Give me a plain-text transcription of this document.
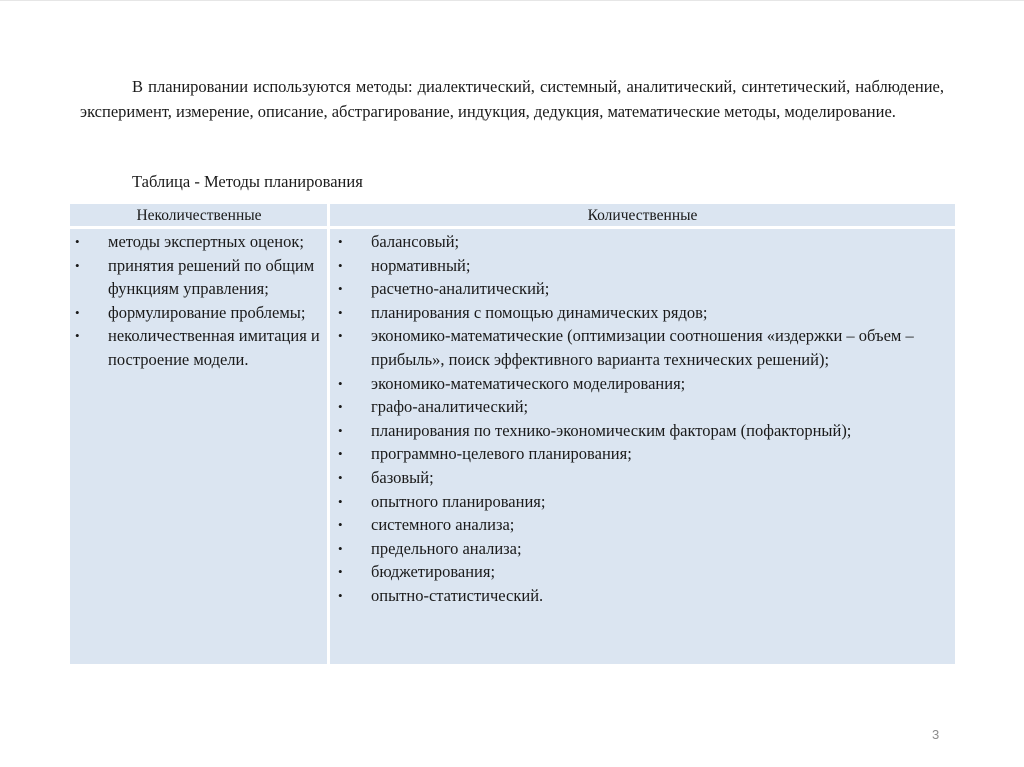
В планировании используются методы: диалектический, системный, аналитический, синтетический, наблюдение, эксперимент, измерение, описание, абстрагирование, индукция, дедукция, математические методы, моделирование.

Таблица - Методы планирования
Неколичественные	Количественные
• методы экспертных оценок;
• принятия решений по общим функциям управления;
• формулирование проблемы;
• неколичественная имитация и построение модели.
• балансовый;
• нормативный;
• расчетно-аналитический;
• планирования с помощью динамических рядов;
• экономико-математические (оптимизации соотношения «издержки – объем – прибыль», поиск эффективного варианта технических решений);
• экономико-математического моделирования;
• графо-аналитический;
• планирования по технико-экономическим факторам (пофакторный);
• программно-целевого планирования;
• базовый;
• опытного планирования;
• системного анализа;
• предельного анализа;
• бюджетирования;
• опытно-статистический.
3
